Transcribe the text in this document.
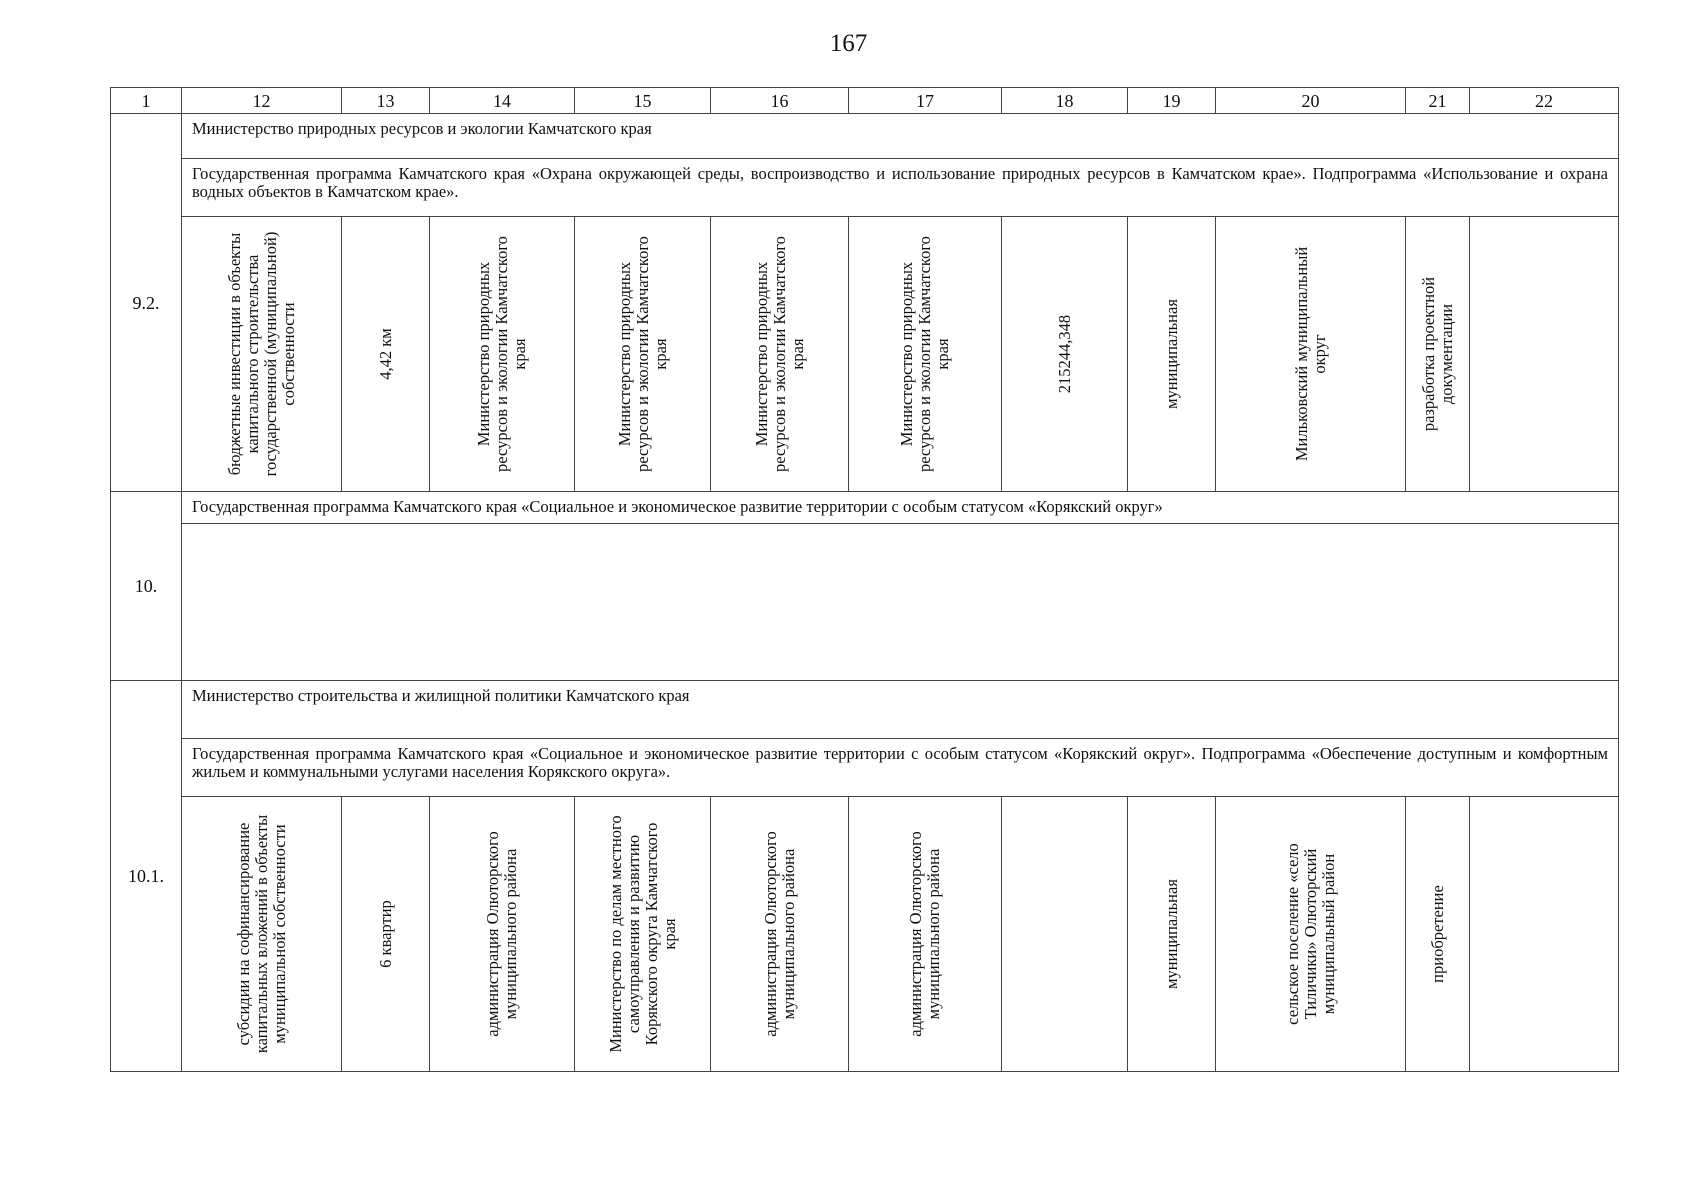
167
1	12	13	14	15	16	17	18	19	20	21	22
9.2.	Министерство природных ресурсов и экологии Камчатского края										
	Государственная программа Камчатского края «Охрана окружающей среды, воспроизводство и использование природных ресурсов в Камчатском крае». Подпрограмма «Использование и охрана водных объектов в Камчатском крае».										

	бюджетные инвестиции в объекты капитального строительства государственной (муниципальной) собственности	4,42 км	Министерство природных ресурсов и экологии Камчатского края	Министерство природных ресурсов и экологии Камчатского края	Министерство природных ресурсов и экологии Камчатского края	Министерство природных ресурсов и экологии Камчатского края	215244,348	муниципальная	Мильковский муниципальный округ	разработка проектной документации	

10.	Государственная программа Камчатского края «Социальное и экономическое развитие территории с особым статусом «Корякский округ»										

10.1.	Министерство строительства и жилищной политики Камчатского края										
	Государственная программа Камчатского края «Социальное и экономическое развитие территории с особым статусом «Корякский округ». Подпрограмма «Обеспечение доступным и комфортным жильем и коммунальными услугами населения Корякского округа».										

	субсидии на софинансирование капитальных вложений в объекты муниципальной собственности	6 квартир	администрация Олюторского муниципального района	Министерство по делам местного самоуправления и развитию Корякского округа Камчатского края	администрация Олюторского муниципального района	администрация Олюторского муниципального района		муниципальная	сельское поселение «село Тиличики» Олюторский муниципальный район	приобретение	
